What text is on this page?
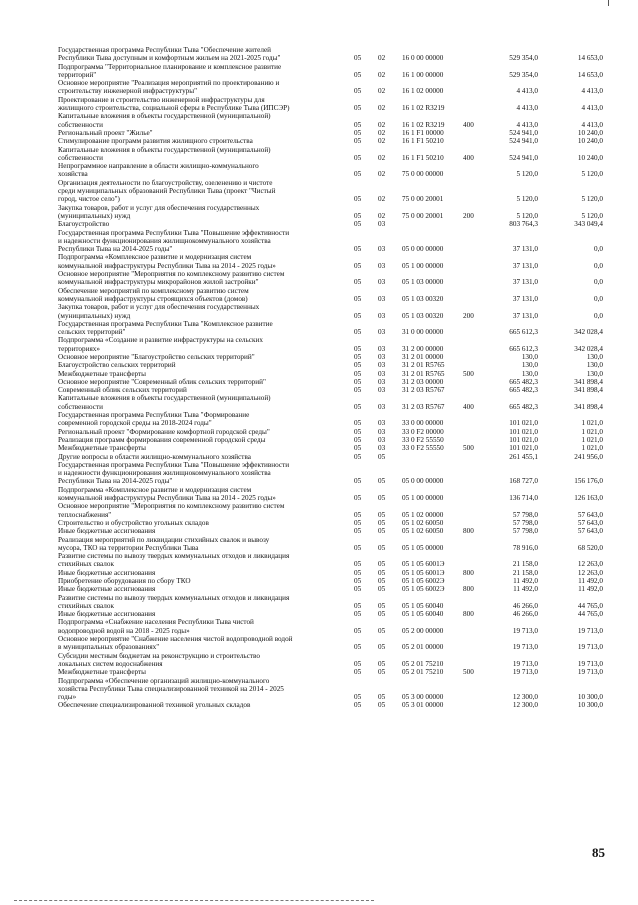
Государственная программа Республики Тыва "Обеспечение жителей
Республики Тыва доступным и комфортным жильем на 2021-2025 годы"	05 02 16 0 00 00000	529 354,0	14 653,0
Подпрограмма "Территориальное планирование и комплексное развитие
территорий"	05 02 16 1 00 00000	529 354,0	14 653,0
Основное мероприятие "Реализация мероприятий по проектированию и
строительству инженерной инфраструктуры"	05 02 16 1 02 00000	4 413,0	4 413,0
Проектирование и строительство инженерной инфраструктуры для
жилищного строительства, социальной сферы в Республике Тыва (ИПСЭР)	05 02 16 1 02 R3219	4 413,0	4 413,0
Капитальные вложения в объекты государственной (муниципальной)
собственности	05 02 16 1 02 R3219	400	4 413,0	4 413,0
Региональный проект "Жилье"	05 02 16 1 F1 00000	524 941,0	10 240,0
Стимулирование программ развития жилищного строительства	05 02 16 1 F1 50210	524 941,0	10 240,0
Капитальные вложения в объекты государственной (муниципальной)
собственности	05 02 16 1 F1 50210	400	524 941,0	10 240,0
Непрограммное направление в области жилищно-коммунального
хозяйства	05 02 75 0 00 00000	5 120,0	5 120,0
Организация деятельности по благоустройству, озеленению и чистоте
среди муниципальных образований Республики Тыва (проект "Чистый
город, чистое село")	05 02 75 0 00 20001	5 120,0	5 120,0
Закупка товаров, работ и услуг для обеспечения государственных
(муниципальных) нужд	05 02 75 0 00 20001	200	5 120,0	5 120,0
Благоустройство	05 03	803 764,3	343 049,4
Государственная программа Республики Тыва "Повышение эффективности
и надежности функционирования жилищнокоммунального хозяйства
Республики Тыва на 2014-2025 годы"	05 03 05 0 00 00000	37 131,0	0,0
Подпрограмма «Комплексное развитие и модернизация систем
коммунальной инфраструктуры Республики Тыва на 2014 - 2025 годы»	05 03 05 1 00 00000	37 131,0	0,0
Основное мероприятие "Мероприятия по комплексному развитию систем
коммунальной инфраструктуры микрорайонов жилой застройки"	05 03 05 1 03 00000	37 131,0	0,0
Обеспечение мероприятий по комплексному развитию систем
коммунальной инфраструктуры строящихся объектов (домов)	05 03 05 1 03 00320	37 131,0	0,0
Закупка товаров, работ и услуг для обеспечения государственных
(муниципальных) нужд	05 03 05 1 03 00320	200	37 131,0	0,0
Государственная программа Республики Тыва "Комплексное развитие
сельских территорий"	05 03 31 0 00 00000	665 612,3	342 028,4
Подпрограмма «Создание и развитие инфраструктуры на сельских
территориях»	05 03 31 2 00 00000	665 612,3	342 028,4
Основное мероприятие "Благоустройство сельских территорий"	05 03 31 2 01 00000	130,0	130,0
Благоустройство сельских территорий	05 03 31 2 01 R5765	130,0	130,0
Межбюджетные трансферты	05 03 31 2 01 R5765	500	130,0	130,0
Основное мероприятие "Современный облик сельских территорий"	05 03 31 2 03 00000	665 482,3	341 898,4
Современный облик сельских территорий	05 03 31 2 03 R5767	665 482,3	341 898,4
Капитальные вложения в объекты государственной (муниципальной)
собственности	05 03 31 2 03 R5767	400	665 482,3	341 898,4
Государственная программа Республики Тыва "Формирование
современной городской среды на 2018-2024 годы"	05 03 33 0 00 00000	101 021,0	1 021,0
Региональный проект "Формирование комфортной городской среды"	05 03 33 0 F2 00000	101 021,0	1 021,0
Реализация программ формирования современной городской среды	05 03 33 0 F2 55550	101 021,0	1 021,0
Межбюджетные трансферты	05 03 33 0 F2 55550	500	101 021,0	1 021,0
Другие вопросы в области жилищно-коммунального хозяйства	05 05	261 455,1	241 956,0
Государственная программа Республики Тыва "Повышение эффективности
и надежности функционирования жилищнокоммунального хозяйства
Республики Тыва на 2014-2025 годы"	05 05 05 0 00 00000	168 727,0	156 176,0
Подпрограмма «Комплексное развитие и модернизация систем
коммунальной инфраструктуры Республики Тыва на 2014 - 2025 годы»	05 05 05 1 00 00000	136 714,0	126 163,0
Основное мероприятие "Мероприятия по комплексному развитию систем
теплоснабжения"	05 05 05 1 02 00000	57 798,0	57 643,0
Строительство и обустройство угольных складов	05 05 05 1 02 60050	57 798,0	57 643,0
Иные бюджетные ассигнования	05 05 05 1 02 60050	800	57 798,0	57 643,0
Реализация мероприятий по ликвидации стихийных свалок и вывозу
мусора, ТКО на территории Республики Тыва	05 05 05 1 05 00000	78 916,0	68 520,0
Развитие системы по вывозу твердых коммунальных отходов и ликвидация
стихийных свалок	05 05 05 1 05 6001Э	21 158,0	12 263,0
Иные бюджетные ассигнования	05 05 05 1 05 6001Э	800	21 158,0	12 263,0
Приобретение оборудования по сбору ТКО	05 05 05 1 05 6002Э	11 492,0	11 492,0
Иные бюджетные ассигнования	05 05 05 1 05 6002Э	800	11 492,0	11 492,0
Развитие системы по вывозу твердых коммунальных отходов и ликвидация
стихийных свалок	05 05 05 1 05 60040	46 266,0	44 765,0
Иные бюджетные ассигнования	05 05 05 1 05 60040	800	46 266,0	44 765,0
Подпрограмма «Снабжение населения Республики Тыва чистой
водопроводной водой на 2018 - 2025 годы»	05 05 05 2 00 00000	19 713,0	19 713,0
Основное мероприятие "Снабжение населения чистой водопроводной водой
в муниципальных образованиях"	05 05 05 2 01 00000	19 713,0	19 713,0
Субсидии местным бюджетам на реконструкцию и строительство
локальных систем водоснабжения	05 05 05 2 01 75210	19 713,0	19 713,0
Межбюджетные трансферты	05 05 05 2 01 75210	500	19 713,0	19 713,0
Подпрограмма «Обеспечение организаций жилищно-коммунального
хозяйства Республики Тыва специализированной техникой на 2014 - 2025
годы»	05 05 05 3 00 00000	12 300,0	10 300,0
Обеспечение специализированной техникой угольных складов	05 05 05 3 01 00000	12 300,0	10 300,0
85
